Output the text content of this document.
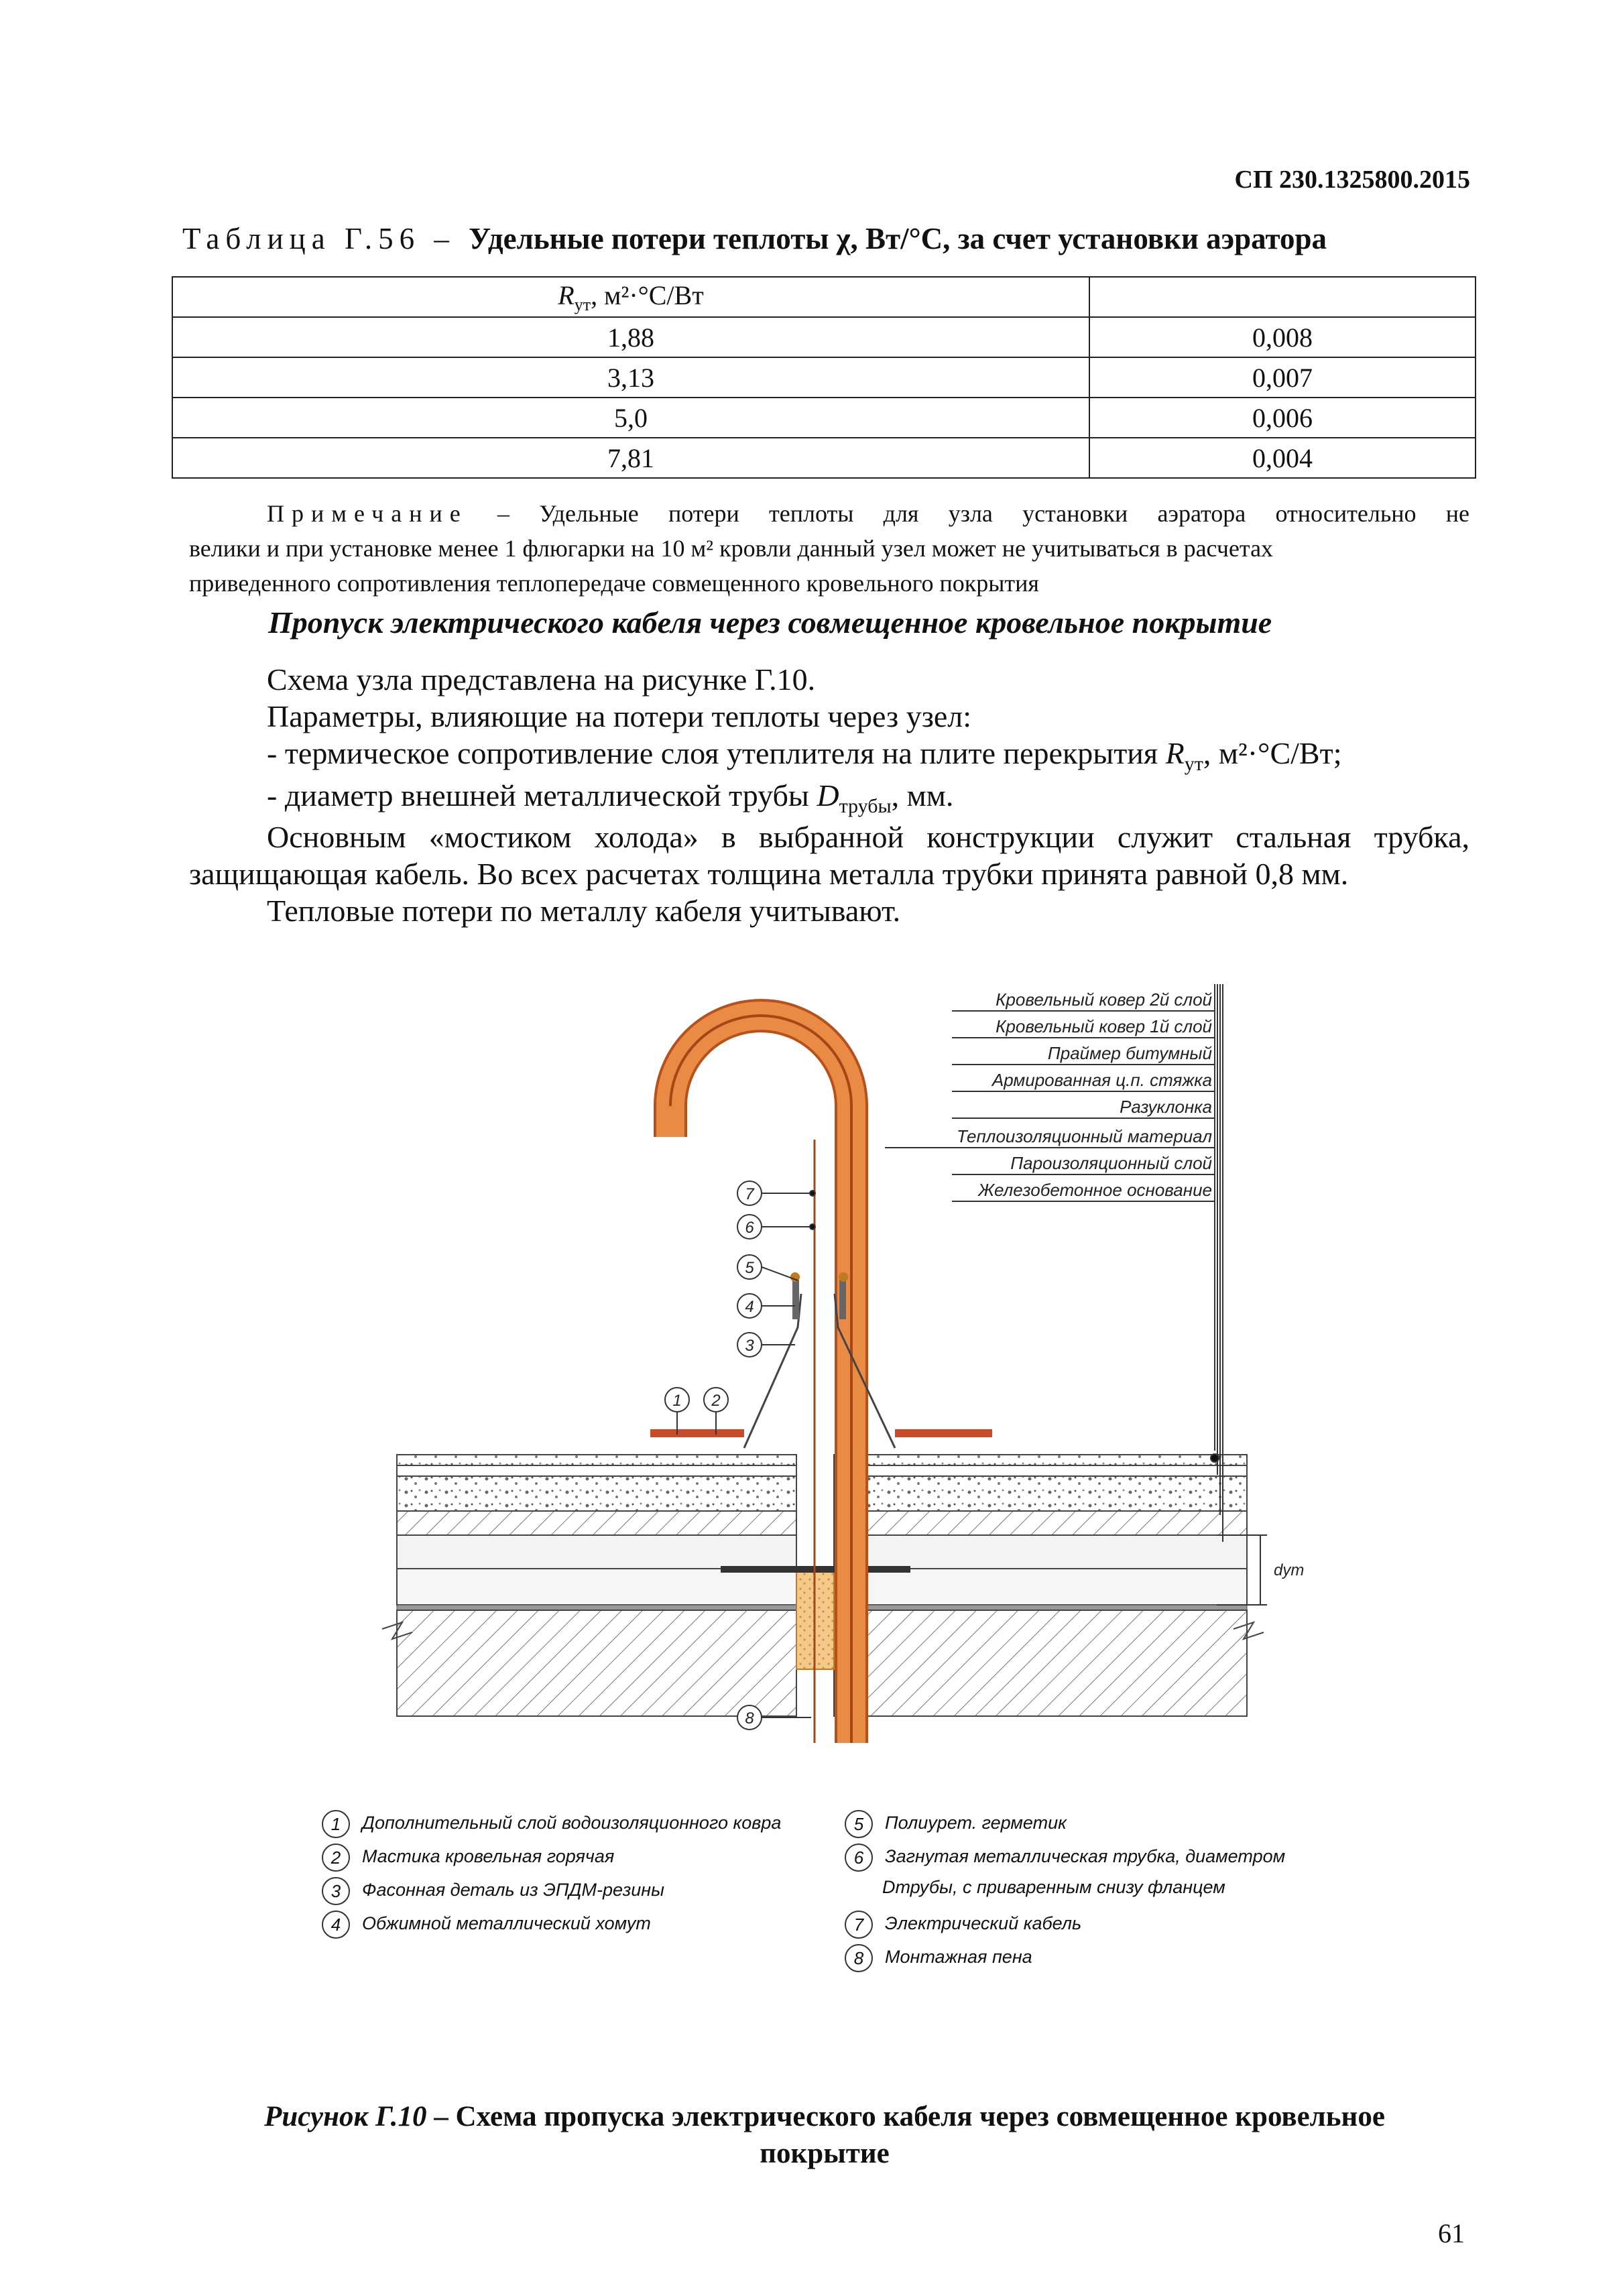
СП 230.1325800.2015
Таблица Г.56 – Удельные потери теплоты χ, Вт/°С, за счет установки аэратора
$R_{ут}$, м²·°С/Вт	
1,88	0,008
3,13	0,007
5,0	0,006
7,81	0,004
Примечание – Удельные потери теплоты для узла установки аэратора относительно не
велики и при установке менее 1 флюгарки на 10 м² кровли данный узел может не учитываться в расчетах
приведенного сопротивления теплопередаче совмещенного кровельного покрытия
Пропуск электрического кабеля через совмещенное кровельное покрытие
Схема узла представлена на рисунке Г.10.
Параметры, влияющие на потери теплоты через узел:
- термическое сопротивление слоя утеплителя на плите перекрытия $R_{ут}$, м²·°С/Вт;
- диаметр внешней металлической трубы $D_{трубы}$, мм.
Основным «мостиком холода» в выбранной конструкции служит стальная трубка, защищающая кабель. Во всех расчетах толщина металла трубки принята равной 0,8 мм.
Тепловые потери по металлу кабеля учитывают.
7
6
5
4
3
1 2
8
Кровельный ковер 2й слой
Кровельный ковер 1й слой
Праймер битумный
Армированная ц.п. стяжка
Разуклонка
Теплоизоляционный материал
Пароизоляционный слой
Железобетонное основание
dут
1 Дополнительный слой водоизоляционного ковра
2 Мастика кровельная горячая
3 Фасонная деталь из ЭПДМ-резины
4 Обжимной металлический хомут
5 Полиурет. герметик
6 Загнутая металлическая трубка, диаметром
Dтрубы, с приваренным снизу фланцем
7 Электрический кабель
8 Монтажная пена
Рисунок Г.10 – Схема пропуска электрического кабеля через совмещенное кровельное покрытие
61
